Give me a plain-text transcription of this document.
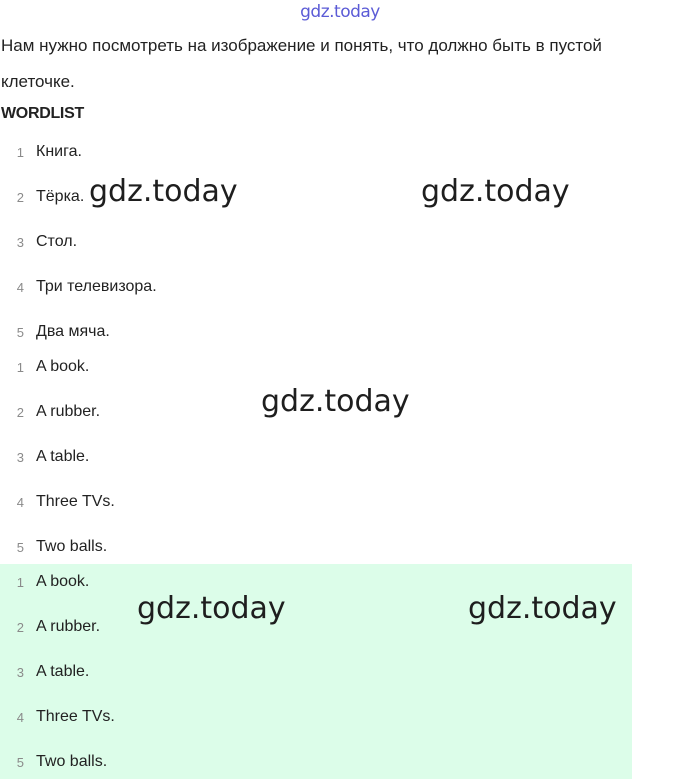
gdz.today
Нам нужно посмотреть на изображение и понять, что должно быть в пустой клеточке.
WORDLIST
1 Книга.
2 Тёрка.
3 Стол.
4 Три телевизора.
5 Два мяча.
1 A book.
2 A rubber.
3 A table.
4 Three TVs.
5 Two balls.
1 A book.
2 A rubber.
3 A table.
4 Three TVs.
5 Two balls.
gdz.today	gdz.today
gdz.today
gdz.today	gdz.today
